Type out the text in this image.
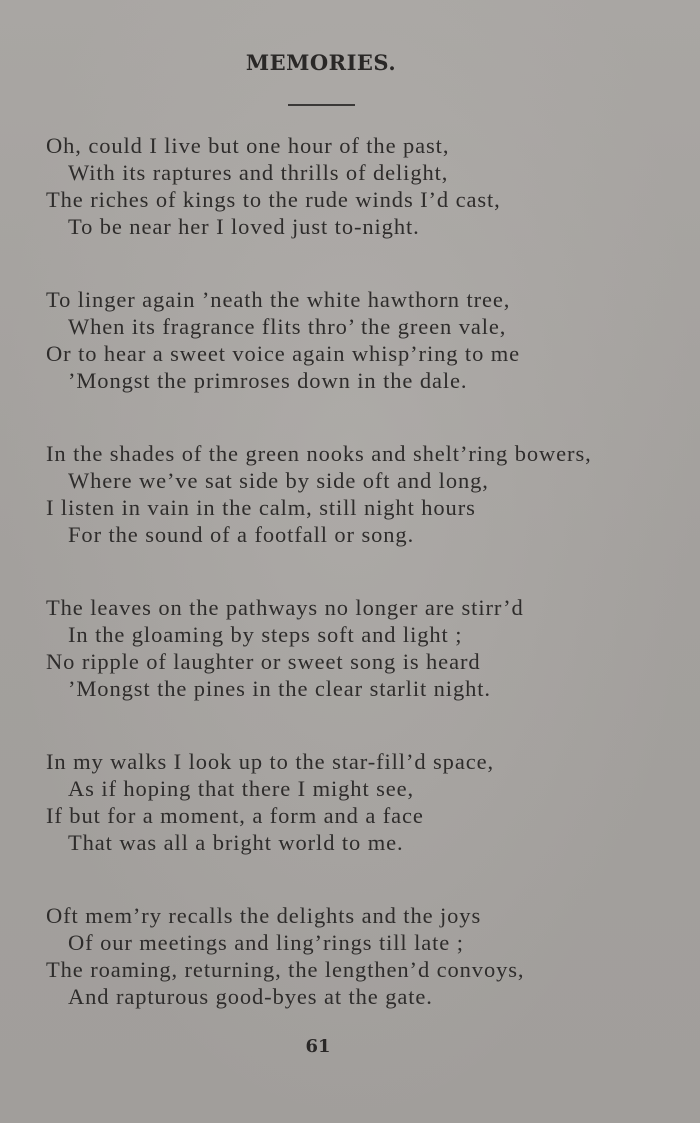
MEMORIES.
Oh, could I live but one hour of the past,
With its raptures and thrills of delight,
The riches of kings to the rude winds I’d cast,
To be near her I loved just to-night.
To linger again ’neath the white hawthorn tree,
When its fragrance flits thro’ the green vale,
Or to hear a sweet voice again whisp’ring to me
’Mongst the primroses down in the dale.
In the shades of the green nooks and shelt’ring bowers,
Where we’ve sat side by side oft and long,
I listen in vain in the calm, still night hours
For the sound of a footfall or song.
The leaves on the pathways no longer are stirr’d
In the gloaming by steps soft and light ;
No ripple of laughter or sweet song is heard
’Mongst the pines in the clear starlit night.
In my walks I look up to the star-fill’d space,
As if hoping that there I might see,
If but for a moment, a form and a face
That was all a bright world to me.
Oft mem’ry recalls the delights and the joys
Of our meetings and ling’rings till late ;
The roaming, returning, the lengthen’d convoys,
And rapturous good-byes at the gate.
61
